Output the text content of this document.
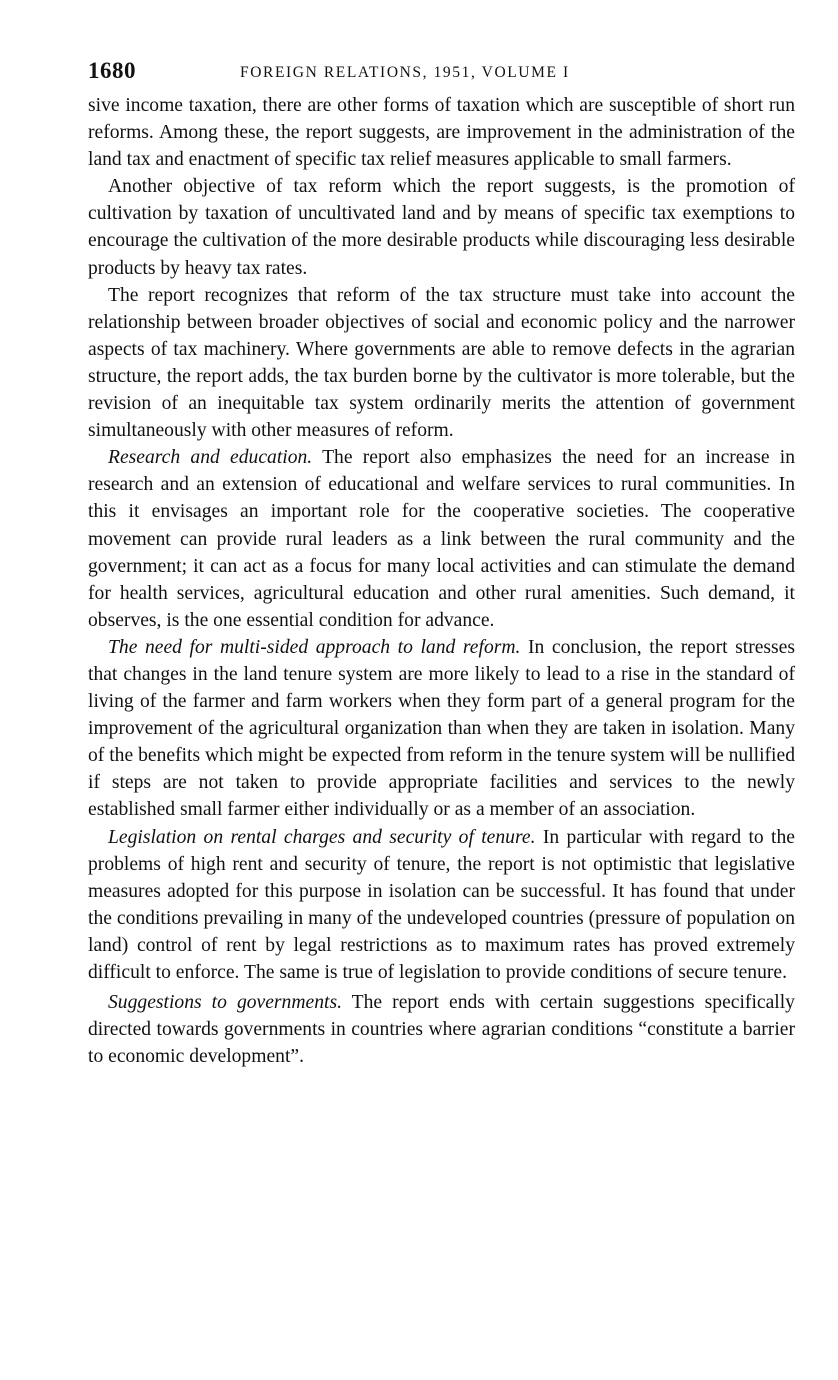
1680	FOREIGN RELATIONS, 1951, VOLUME I

sive income taxation, there are other forms of taxation which are susceptible of short run reforms. Among these, the report suggests, are improvement in the administration of the land tax and enactment of specific tax relief measures applicable to small farmers.

Another objective of tax reform which the report suggests, is the promotion of cultivation by taxation of uncultivated land and by means of specific tax exemptions to encourage the cultivation of the more desirable products while discouraging less desirable products by heavy tax rates.

The report recognizes that reform of the tax structure must take into account the relationship between broader objectives of social and economic policy and the narrower aspects of tax machinery. Where governments are able to remove defects in the agrarian structure, the report adds, the tax burden borne by the cultivator is more tolerable, but the revision of an inequitable tax system ordinarily merits the attention of government simultaneously with other measures of reform.

Research and education. The report also emphasizes the need for an increase in research and an extension of educational and welfare services to rural communities. In this it envisages an important role for the cooperative societies. The cooperative movement can provide rural leaders as a link between the rural community and the government; it can act as a focus for many local activities and can stimulate the demand for health services, agricultural education and other rural amenities. Such demand, it observes, is the one essential condition for advance.

The need for multi-sided approach to land reform. In conclusion, the report stresses that changes in the land tenure system are more likely to lead to a rise in the standard of living of the farmer and farm workers when they form part of a general program for the improvement of the agricultural organization than when they are taken in isolation. Many of the benefits which might be expected from reform in the tenure system will be nullified if steps are not taken to provide appropriate facilities and services to the newly established small farmer either individually or as a member of an association.

Legislation on rental charges and security of tenure. In particular with regard to the problems of high rent and security of tenure, the report is not optimistic that legislative measures adopted for this purpose in isolation can be successful. It has found that under the conditions prevailing in many of the undeveloped countries (pressure of population on land) control of rent by legal restrictions as to maximum rates has proved extremely difficult to enforce. The same is true of legislation to provide conditions of secure tenure.

Suggestions to governments. The report ends with certain suggestions specifically directed towards governments in countries where agrarian conditions “constitute a barrier to economic development”.
